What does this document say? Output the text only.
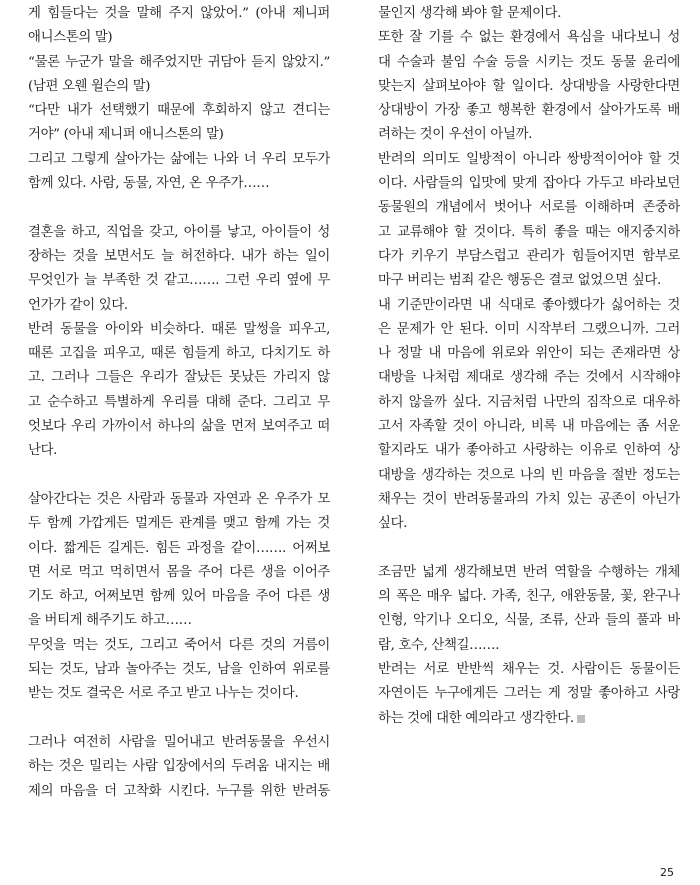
게 힘들다는 것을 말해 주지 않았어.” (아내 제니퍼
애니스톤의 말)
“물론 누군가 말을 해주었지만 귀담아 듣지 않았지.”
(남편 오웬 윌슨의 말)
“다만 내가 선택했기 때문에 후회하지 않고 견디는
거야” (아내 제니퍼 애니스톤의 말)
그리고 그렇게 살아가는 삶에는 나와 너 우리 모두가
함께 있다. 사람, 동물, 자연, 온 우주가……
결혼을 하고, 직업을 갖고, 아이를 낳고, 아이들이 성
장하는 것을 보면서도 늘 허전하다. 내가 하는 일이
무엇인가 늘 부족한 것 같고……. 그런 우리 옆에 무
언가가 같이 있다.
반려 동물을 아이와 비슷하다. 때론 말썽을 피우고,
때론 고집을 피우고, 때론 힘들게 하고, 다치기도 하
고. 그러나 그들은 우리가 잘났든 못났든 가리지 않
고 순수하고 특별하게 우리를 대해 준다. 그리고 무
엇보다 우리 가까이서 하나의 삶을 먼저 보여주고 떠
난다.
살아간다는 것은 사람과 동물과 자연과 온 우주가 모
두 함께 가깝게든 멀게든 관계를 맺고 함께 가는 것
이다. 짧게든 길게든. 힘든 과정을 같이……. 어쩌보
면 서로 먹고 먹히면서 몸을 주어 다른 생을 이어주
기도 하고, 어쩌보면 함께 있어 마음을 주어 다른 생
을 버티게 해주기도 하고……
무엇을 먹는 것도, 그리고 죽어서 다른 것의 거름이
되는 것도, 남과 놀아주는 것도, 남을 인하여 위로를
받는 것도 결국은 서로 주고 받고 나누는 것이다.
그러나 여전히 사람을 밀어내고 반려동물을 우선시
하는 것은 밀리는 사람 입장에서의 두려움 내지는 배
제의 마음을 더 고착화 시킨다. 누구를 위한 반려동
물인지 생각해 봐야 할 문제이다.
또한 잘 기를 수 없는 환경에서 욕심을 내다보니 성
대 수술과 불임 수술 등을 시키는 것도 동물 윤리에
맞는지 살펴보아야 할 일이다. 상대방을 사랑한다면
상대방이 가장 좋고 행복한 환경에서 살아가도록 배
려하는 것이 우선이 아닐까.
반려의 의미도 일방적이 아니라 쌍방적이어야 할 것
이다. 사람들의 입맛에 맞게 잡아다 가두고 바라보던
동물원의 개념에서 벗어나 서로를 이해하며 존중하
고 교류해야 할 것이다. 특히 좋을 때는 애지중지하
다가 키우기 부담스럽고 관리가 힘들어지면 함부로
마구 버리는 범죄 같은 행동은 결코 없었으면 싶다.
내 기준만이라면 내 식대로 좋아했다가 싫어하는 것
은 문제가 안 된다. 이미 시작부터 그랬으니까. 그러
나 정말 내 마음에 위로와 위안이 되는 존재라면 상
대방을 나처럼 제대로 생각해 주는 것에서 시작해야
하지 않을까 싶다. 지금처럼 나만의 짐작으로 대우하
고서 자족할 것이 아니라, 비록 내 마음에는 좀 서운
할지라도 내가 좋아하고 사랑하는 이유로 인하여 상
대방을 생각하는 것으로 나의 빈 마음을 절반 정도는
채우는 것이 반려동물과의 가치 있는 공존이 아닌가
싶다.
조금만 넓게 생각해보면 반려 역할을 수행하는 개체
의 폭은 매우 넓다. 가족, 친구, 애완동물, 꽃, 완구나
인형, 악기나 오디오, 식물, 조류, 산과 들의 풀과 바
람, 호수, 산책길…….
반려는 서로 반반씩 채우는 것. 사람이든 동물이든
자연이든 누구에게든 그러는 게 정말 좋아하고 사랑
하는 것에 대한 예의라고 생각한다.
25
